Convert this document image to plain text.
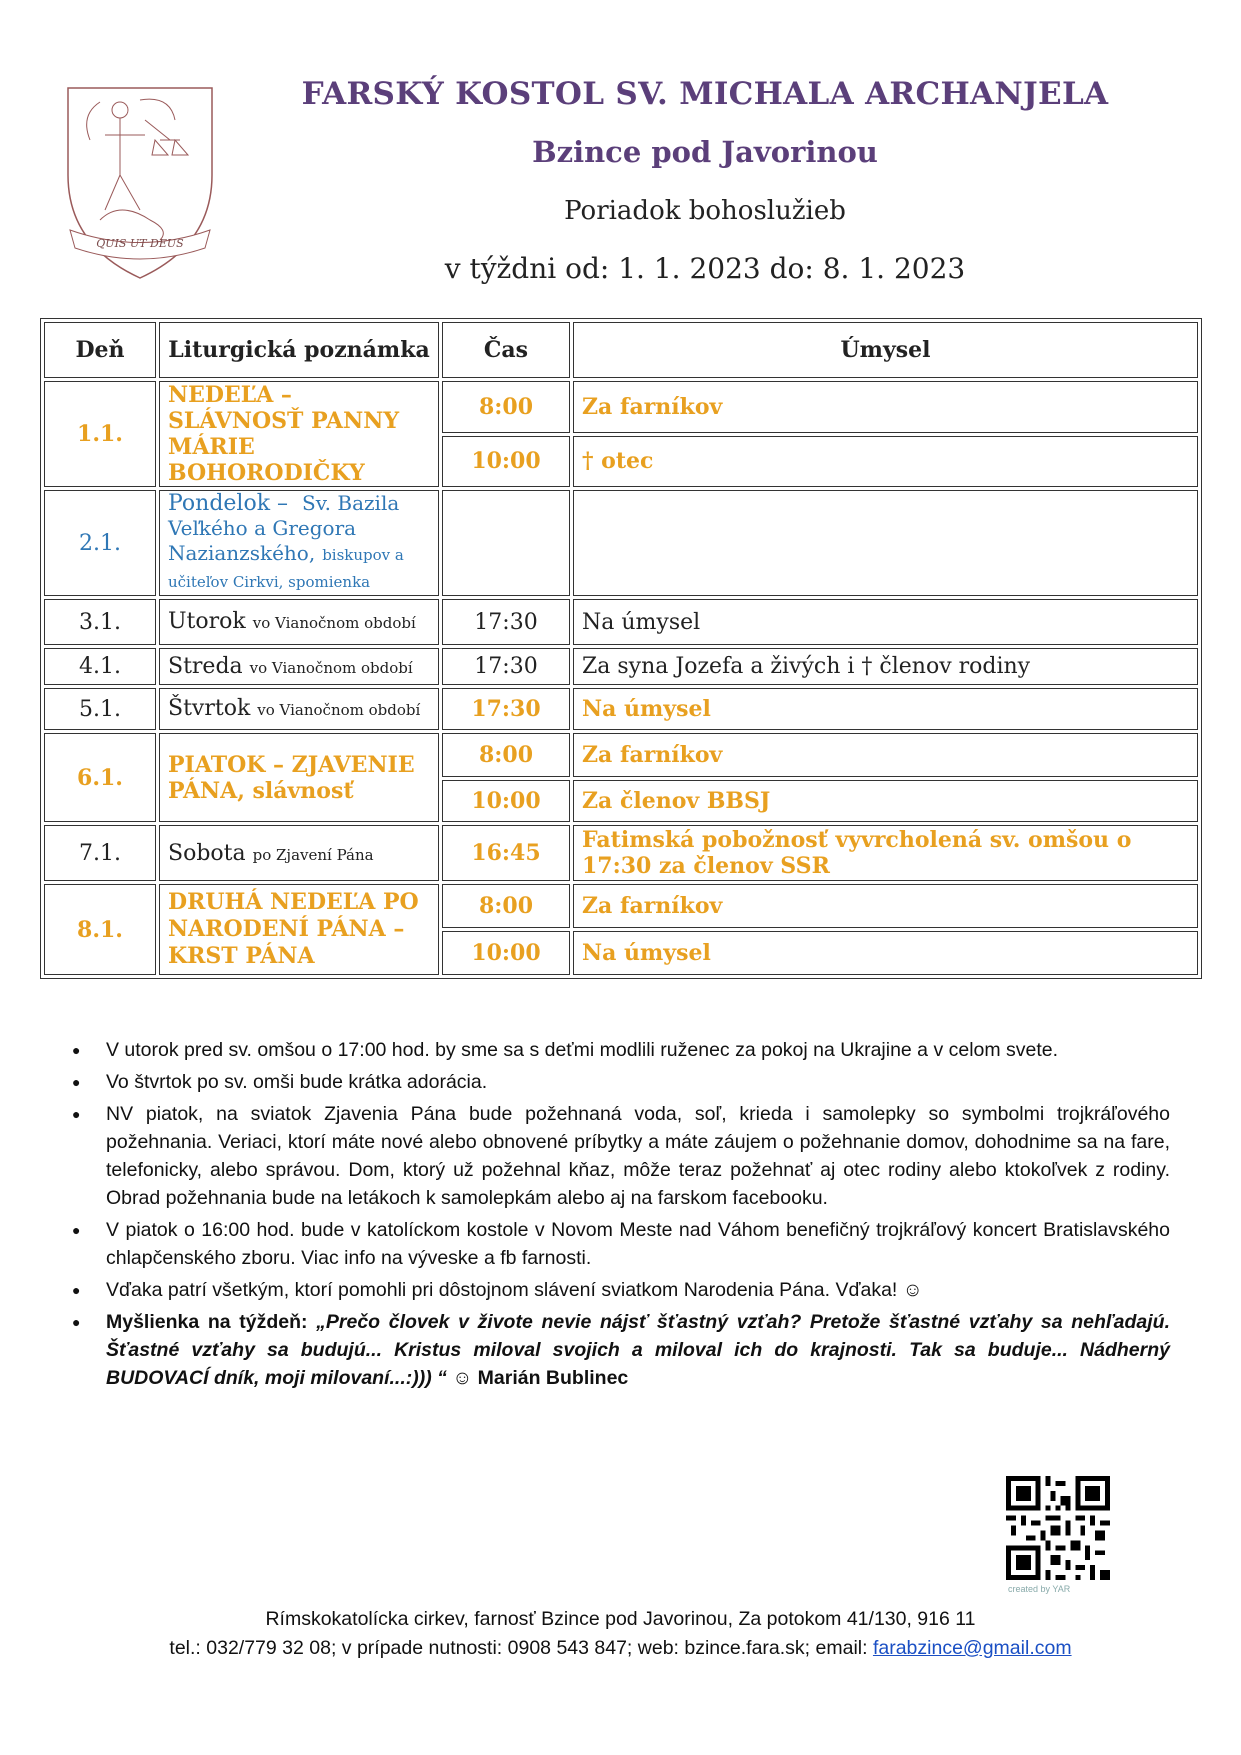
QUIS UT DEUS
FARSKÝ KOSTOL SV. MICHALA ARCHANJELA
Bzince pod Javorinou
Poriadok bohoslužieb
v týždni od: 1. 1. 2023 do: 8. 1. 2023
Deň	Liturgická poznámka	Čas	Úmysel
1.1.	NEDEĽA – SLÁVNOSŤ PANNY MÁRIE BOHORODIČKY	8:00	Za farníkov
		10:00	† otec
2.1.	Pondelok – Sv. Bazila Veľkého a Gregora Nazianzského, biskupov a učiteľov Cirkvi, spomienka		
3.1.	Utorok vo Vianočnom období	17:30	Na úmysel
4.1.	Streda vo Vianočnom období	17:30	Za syna Jozefa a živých i † členov rodiny
5.1.	Štvrtok vo Vianočnom období	17:30	Na úmysel
6.1.	PIATOK – ZJAVENIE PÁNA, slávnosť	8:00	Za farníkov
		10:00	Za členov BBSJ
7.1.	Sobota po Zjavení Pána	16:45	Fatimská pobožnosť vyvrcholená sv. omšou o 17:30 za členov SSR
8.1.	DRUHÁ NEDEĽA PO NARODENÍ PÁNA – KRST PÁNA	8:00	Za farníkov
		10:00	Na úmysel
● V utorok pred sv. omšou o 17:00 hod. by sme sa s deťmi modlili ruženec za pokoj na Ukrajine a v celom svete.
● Vo štvrtok po sv. omši bude krátka adorácia.
● NV piatok, na sviatok Zjavenia Pána bude požehnaná voda, soľ, krieda i samolepky so symbolmi trojkráľového požehnania. Veriaci, ktorí máte nové alebo obnovené príbytky a máte záujem o požehnanie domov, dohodnime sa na fare, telefonicky, alebo správou. Dom, ktorý už požehnal kňaz, môže teraz požehnať aj otec rodiny alebo ktokoľvek z rodiny. Obrad požehnania bude na letákoch k samolepkám alebo aj na farskom facebooku.
● V piatok o 16:00 hod. bude v katolíckom kostole v Novom Meste nad Váhom benefičný trojkráľový koncert Bratislavského chlapčenského zboru. Viac info na výveske a fb farnosti.
● Vďaka patrí všetkým, ktorí pomohli pri dôstojnom slávení sviatkom Narodenia Pána. Vďaka! ☺
● Myšlienka na týždeň: „Prečo človek v živote nevie nájsť šťastný vzťah? Pretože šťastné vzťahy sa nehľadajú. Šťastné vzťahy sa budujú... Kristus miloval svojich a miloval ich do krajnosti. Tak sa buduje... Nádherný BUDOVACÍ dník, moji milovaní...:))) “ ☺ Marián Bublinec
created by YAR
Rímskokatolícka cirkev, farnosť Bzince pod Javorinou, Za potokom 41/130, 916 11
tel.: 032/779 32 08; v prípade nutnosti: 0908 543 847; web: bzince.fara.sk; email: farabzince@gmail.com
